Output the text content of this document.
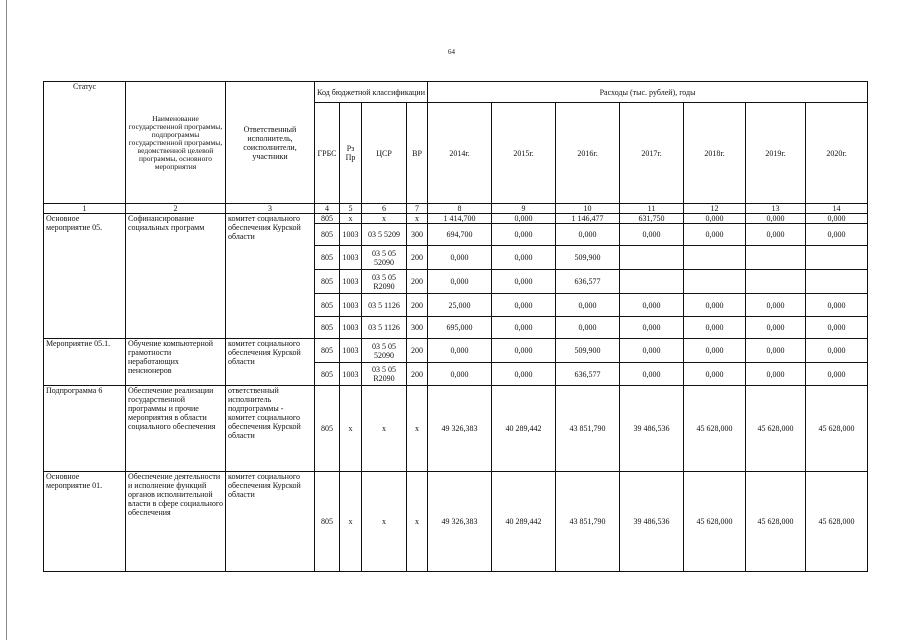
64
Статус	Наименование государственной программы, подпрограммы государственной программы, ведомственной целевой программы, основного мероприятия	Ответственный исполнитель, соисполнители, участники	Код бюджетной классификации				Расходы (тыс. рублей), годы						
			ГРБС	Рз Пр	ЦСР	ВР	2014г.	2015г.	2016г.	2017г.	2018г.	2019г.	2020г.
1	2	3	4	5	6	7	8	9	10	11	12	13	14
Основное мероприятие 05.	Софинансирование социальных программ	комитет социального обеспечения Курской области	805	x	x	x	1 414,700	0,000	1 146,477	631,750	0,000	0,000	0,000
			805	1003	03 5 5209	300	694,700	0,000	0,000	0,000	0,000	0,000	0,000
			805	1003	03 5 05 52090	200	0,000	0,000	509,900				
			805	1003	03 5 05 R2090	200	0,000	0,000	636,577				
			805	1003	03 5 1126	200	25,000	0,000	0,000	0,000	0,000	0,000	0,000
			805	1003	03 5 1126	300	695,000	0,000	0,000	0,000	0,000	0,000	0,000
Мероприятие 05.1.	Обучение компьютерной грамотности неработающих пенсионеров	комитет социального обеспечения Курской области	805	1003	03 5 05 52090	200	0,000	0,000	509,900	0,000	0,000	0,000	0,000
			805	1003	03 5 05 R2090	200	0,000	0,000	636,577	0,000	0,000	0,000	0,000
Подпрограмма 6	Обеспечение реализации государственной программы и прочие мероприятия в области социального обеспечения	ответственный исполнитель подпрограммы - комитет социального обеспечения Курской области	805	x	x	x	49 326,383	40 289,442	43 851,790	39 486,536	45 628,000	45 628,000	45 628,000
Основное мероприятие 01.	Обеспечение деятельности и исполнение функций органов исполнительной власти в сфере социального обеспечения	комитет социального обеспечения Курской области	805	x	x	x	49 326,383	40 289,442	43 851,790	39 486,536	45 628,000	45 628,000	45 628,000
